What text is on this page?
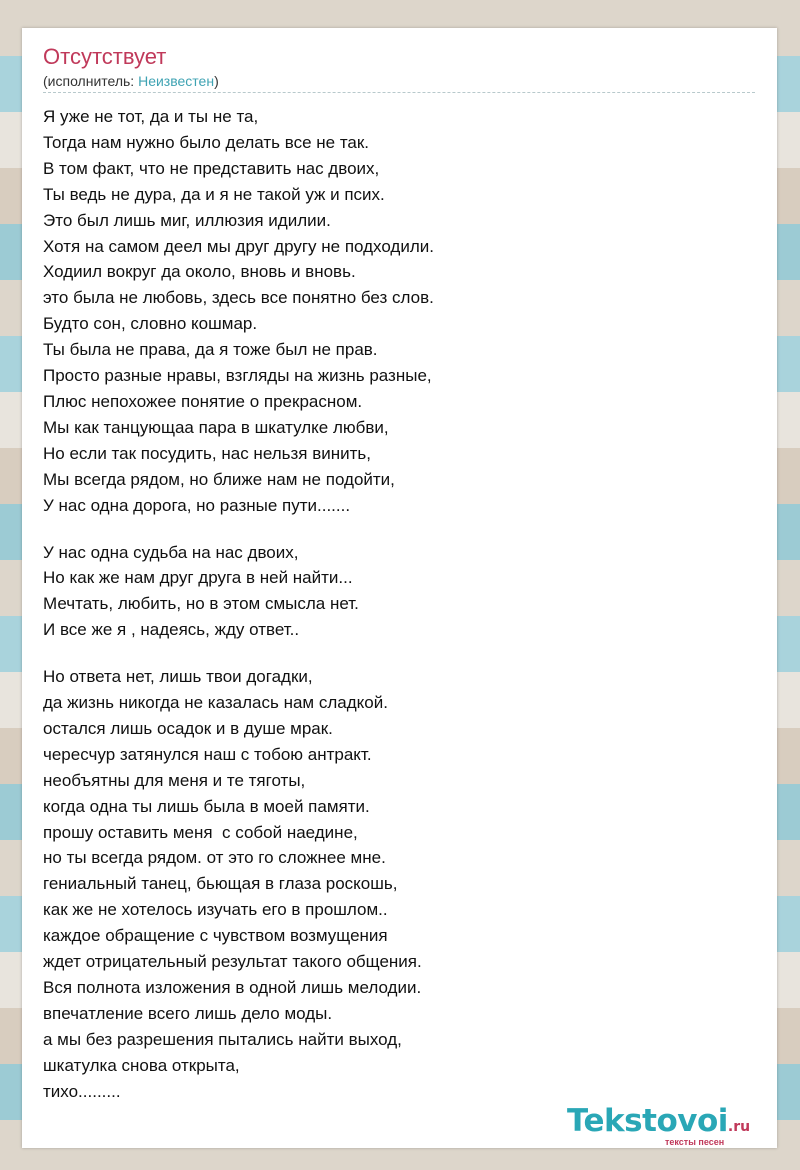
Отсутствует
(исполнитель: Неизвестен)
Я уже не тот, да и ты не та,
Тогда нам нужно было делать все не так.
В том факт, что не представить нас двоих,
Ты ведь не дура, да и я не такой уж и псих.
Это был лишь миг, иллюзия идилии.
Хотя на самом деел мы друг другу не подходили.
Ходиил вокруг да около, вновь и вновь.
это была не любовь, здесь все понятно без слов.
Будто сон, словно кошмар.
Ты была не права, да я тоже был не прав.
Просто разные нравы, взгляды на жизнь разные,
Плюс непохожее понятие о прекрасном.
Мы как танцующаа пара в шкатулке любви,
Но если так посудить, нас нельзя винить,
Мы всегда рядом, но ближе нам не подойти,
У нас одна дорога, но разные пути.......
У нас одна судьба на нас двоих,
Но как же нам друг друга в ней найти...
Мечтать, любить, но в этом смысла нет.
И все же я , надеясь, жду ответ..
Но ответа нет, лишь твои догадки,
да жизнь никогда не казалась нам сладкой.
остался лишь осадок и в душе мрак.
чересчур затянулся наш с тобою антракт.
необъятны для меня и те тяготы,
когда одна ты лишь была в моей памяти.
прошу оставить меня  с собой наедине,
но ты всегда рядом. от это го сложнее мне.
гениальный танец, бьющая в глаза роскошь,
как же не хотелось изучать его в прошлом..
каждое обращение с чувством возмущения
ждет отрицательный результат такого общения.
Вся полнота изложения в одной лишь мелодии.
впечатление всего лишь дело моды.
а мы без разрешения пытались найти выход,
шкатулка снова открыта,
тихо.........
Tekstovoi.ru
тексты песен
